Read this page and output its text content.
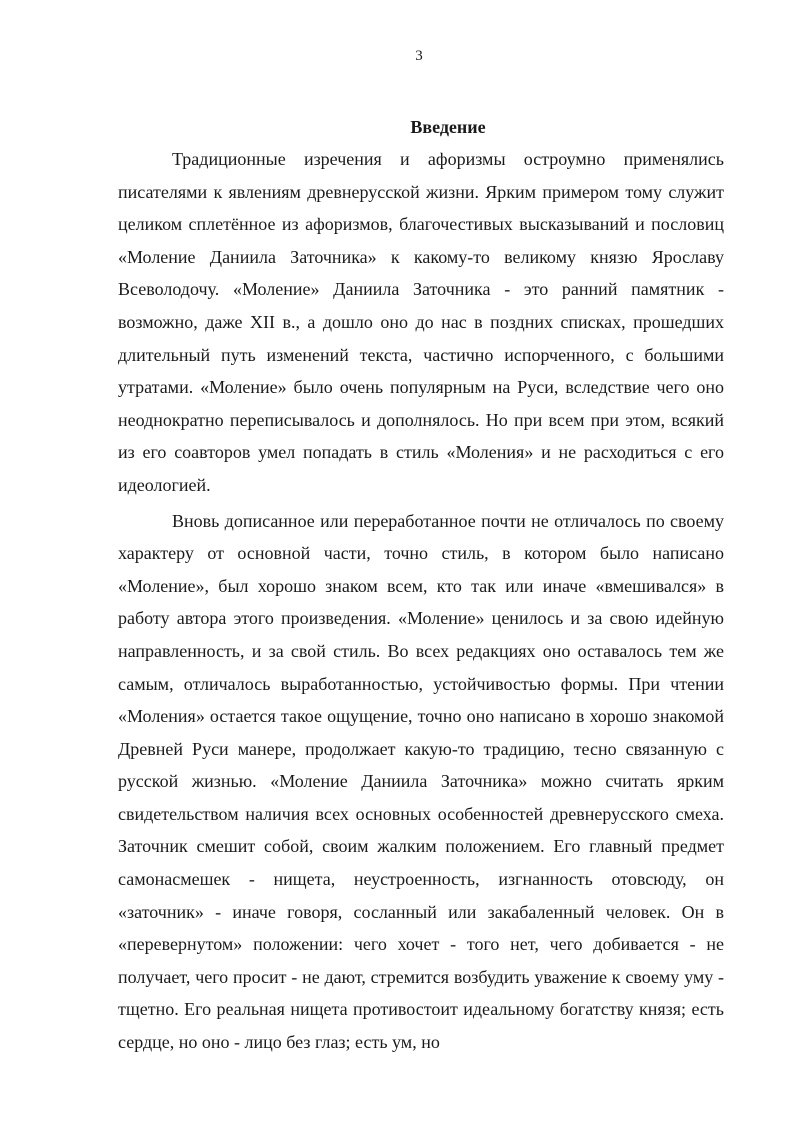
3
Введение

Традиционные изречения и афоризмы остроумно применялись писателями к явлениям древнерусской жизни. Ярким примером тому служит целиком сплетённое из афоризмов, благочестивых высказываний и пословиц «Моление Даниила Заточника» к какому-то великому князю Ярославу Всеволодочу. «Моление» Даниила Заточника - это ранний памятник - возможно, даже XII в., а дошло оно до нас в поздних списках, прошедших длительный путь изменений текста, частично испорченного, с большими утратами. «Моление» было очень популярным на Руси, вследствие чего оно неоднократно переписывалось и дополнялось. Но при всем при этом, всякий из его соавторов умел попадать в стиль «Моления» и не расходиться с его идеологией.

Вновь дописанное или переработанное почти не отличалось по своему характеру от основной части, точно стиль, в котором было написано «Моление», был хорошо знаком всем, кто так или иначе «вмешивался» в работу автора этого произведения. «Моление» ценилось и за свою идейную направленность, и за свой стиль. Во всех редакциях оно оставалось тем же самым, отличалось выработанностью, устойчивостью формы. При чтении «Моления» остается такое ощущение, точно оно написано в хорошо знакомой Древней Руси манере, продолжает какую-то традицию, тесно связанную с русской жизнью. «Моление Даниила Заточника» можно считать ярким свидетельством наличия всех основных особенностей древнерусского смеха. Заточник смешит собой, своим жалким положением. Его главный предмет самонасмешек - нищета, неустроенность, изгнанность отовсюду, он «заточник» - иначе говоря, сосланный или закабаленный человек. Он в «перевернутом» положении: чего хочет - того нет, чего добивается - не получает, чего просит - не дают, стремится возбудить уважение к своему уму - тщетно. Его реальная нищета противостоит идеальному богатству князя; есть сердце, но оно - лицо без глаз; есть ум, но
